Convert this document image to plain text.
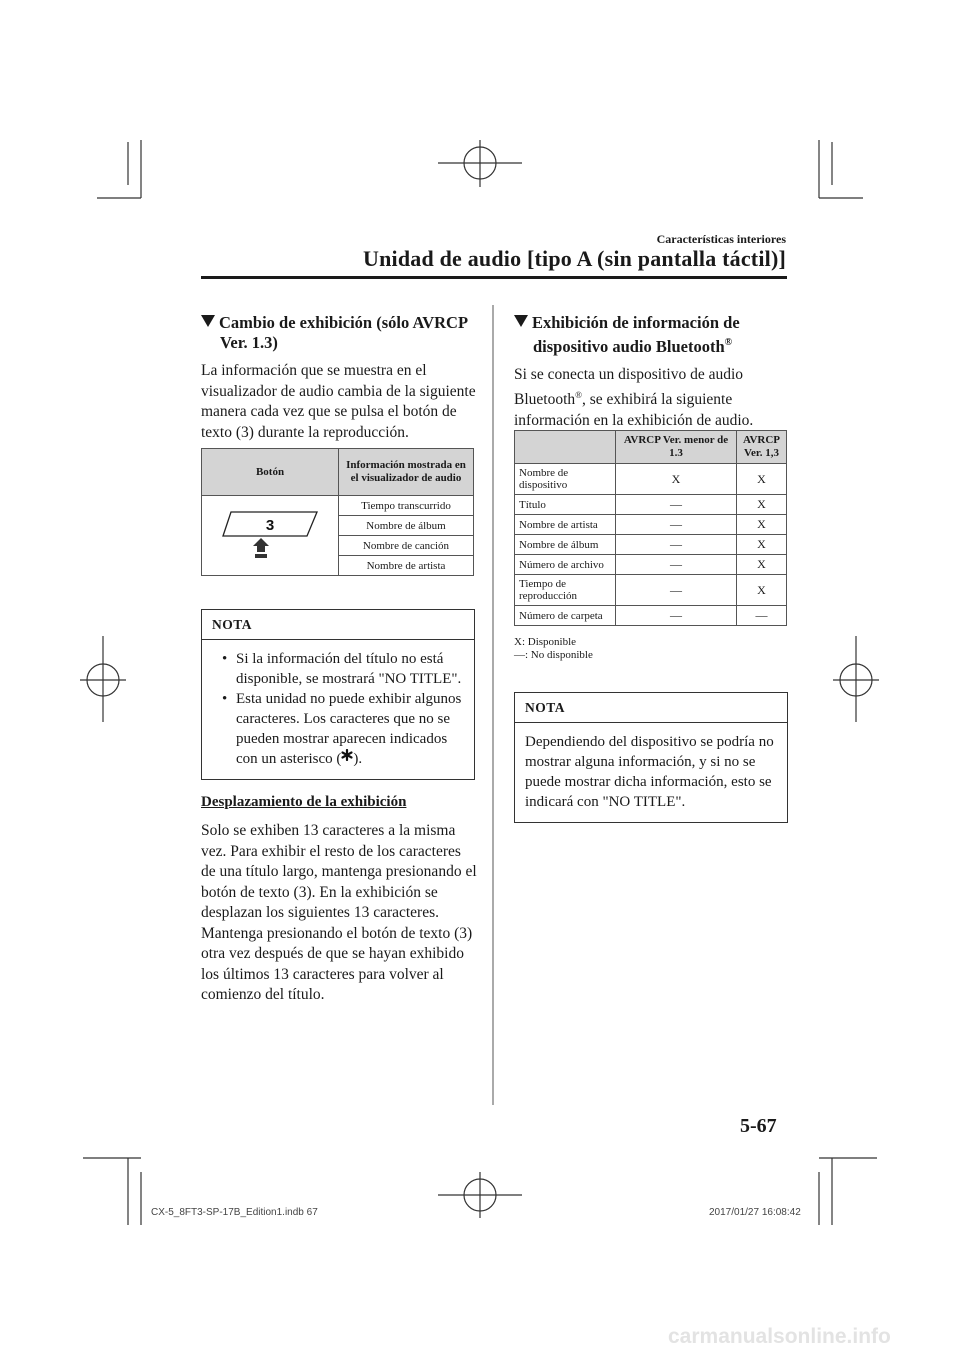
Características interiores
Unidad de audio [tipo A (sin pantalla táctil)]
Cambio de exhibición (sólo AVRCP
Ver. 1.3)

La información que se muestra en el visualizador de audio cambia de la siguiente manera cada vez que se pulsa el botón de texto (3) durante la reproducción.

Botón	Información mostrada en el visualizador de audio

3	Tiempo transcurrido
	Nombre de álbum
	Nombre de canción
	Nombre de artista
NOTA
• Si la información del título no está disponible, se mostrará "NO TITLE".
• Esta unidad no puede exhibir algunos caracteres. Los caracteres que no se pueden mostrar aparecen indicados con un asterisco ( ).
Desplazamiento de la exhibición

Solo se exhiben 13 caracteres a la misma vez. Para exhibir el resto de los caracteres de una título largo, mantenga presionando el botón de texto (3). En la exhibición se desplazan los siguientes 13 caracteres. Mantenga presionando el botón de texto (3) otra vez después de que se hayan exhibido los últimos 13 caracteres para volver al comienzo del título.

Exhibición de información de
dispositivo audio Bluetooth®

Si se conecta un dispositivo de audio Bluetooth®, se exhibirá la siguiente información en la exhibición de audio.

	AVRCP Ver. menor de 1.3	AVRCP Ver. 1,3
Nombre de dispositivo	X	X
Título	—	X
Nombre de artista	—	X
Nombre de álbum	—	X
Número de archivo	—	X
Tiempo de reproducción	—	X
Número de carpeta	—	—
X: Disponible
—: No disponible
NOTA
Dependiendo del dispositivo se podría no mostrar alguna información, y si no se puede mostrar dicha información, esto se indicará con "NO TITLE".
5-67
CX-5_8FT3-SP-17B_Edition1.indb 67	2017/01/27 16:08:42
carmanualsonline.info
